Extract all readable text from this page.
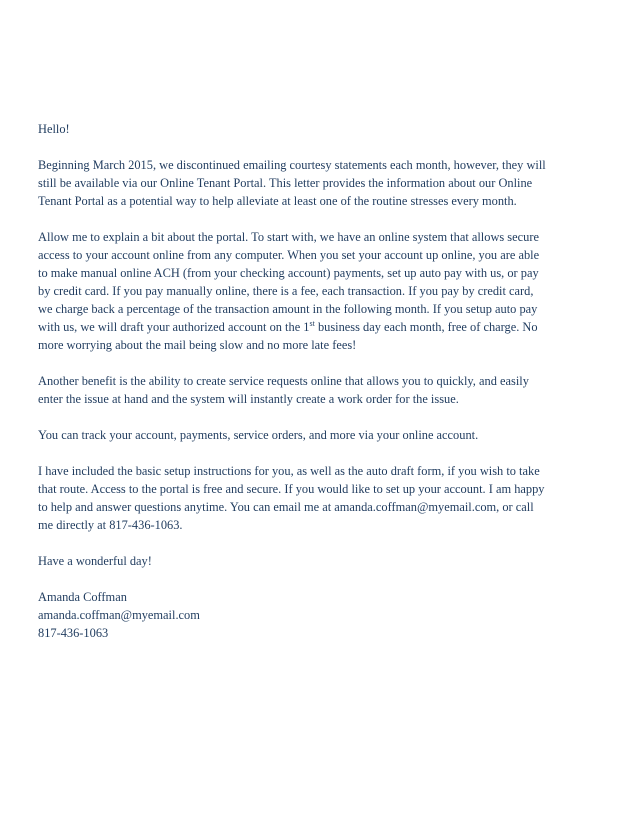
Hello!

Beginning March 2015, we discontinued emailing courtesy statements each month, however, they will
still be available via our Online Tenant Portal. This letter provides the information about our Online
Tenant Portal as a potential way to help alleviate at least one of the routine stresses every month.

Allow me to explain a bit about the portal. To start with, we have an online system that allows secure
access to your account online from any computer. When you set your account up online, you are able
to make manual online ACH (from your checking account) payments, set up auto pay with us, or pay
by credit card. If you pay manually online, there is a fee, each transaction. If you pay by credit card,
we charge back a percentage of the transaction amount in the following month. If you setup auto pay
with us, we will draft your authorized account on the 1st business day each month, free of charge. No
more worrying about the mail being slow and no more late fees!

Another benefit is the ability to create service requests online that allows you to quickly, and easily
enter the issue at hand and the system will instantly create a work order for the issue.

You can track your account, payments, service orders, and more via your online account.

I have included the basic setup instructions for you, as well as the auto draft form, if you wish to take
that route. Access to the portal is free and secure. If you would like to set up your account. I am happy
to help and answer questions anytime. You can email me at amanda.coffman@myemail.com, or call
me directly at 817-436-1063.

Have a wonderful day!

Amanda Coffman
amanda.coffman@myemail.com
817-436-1063
